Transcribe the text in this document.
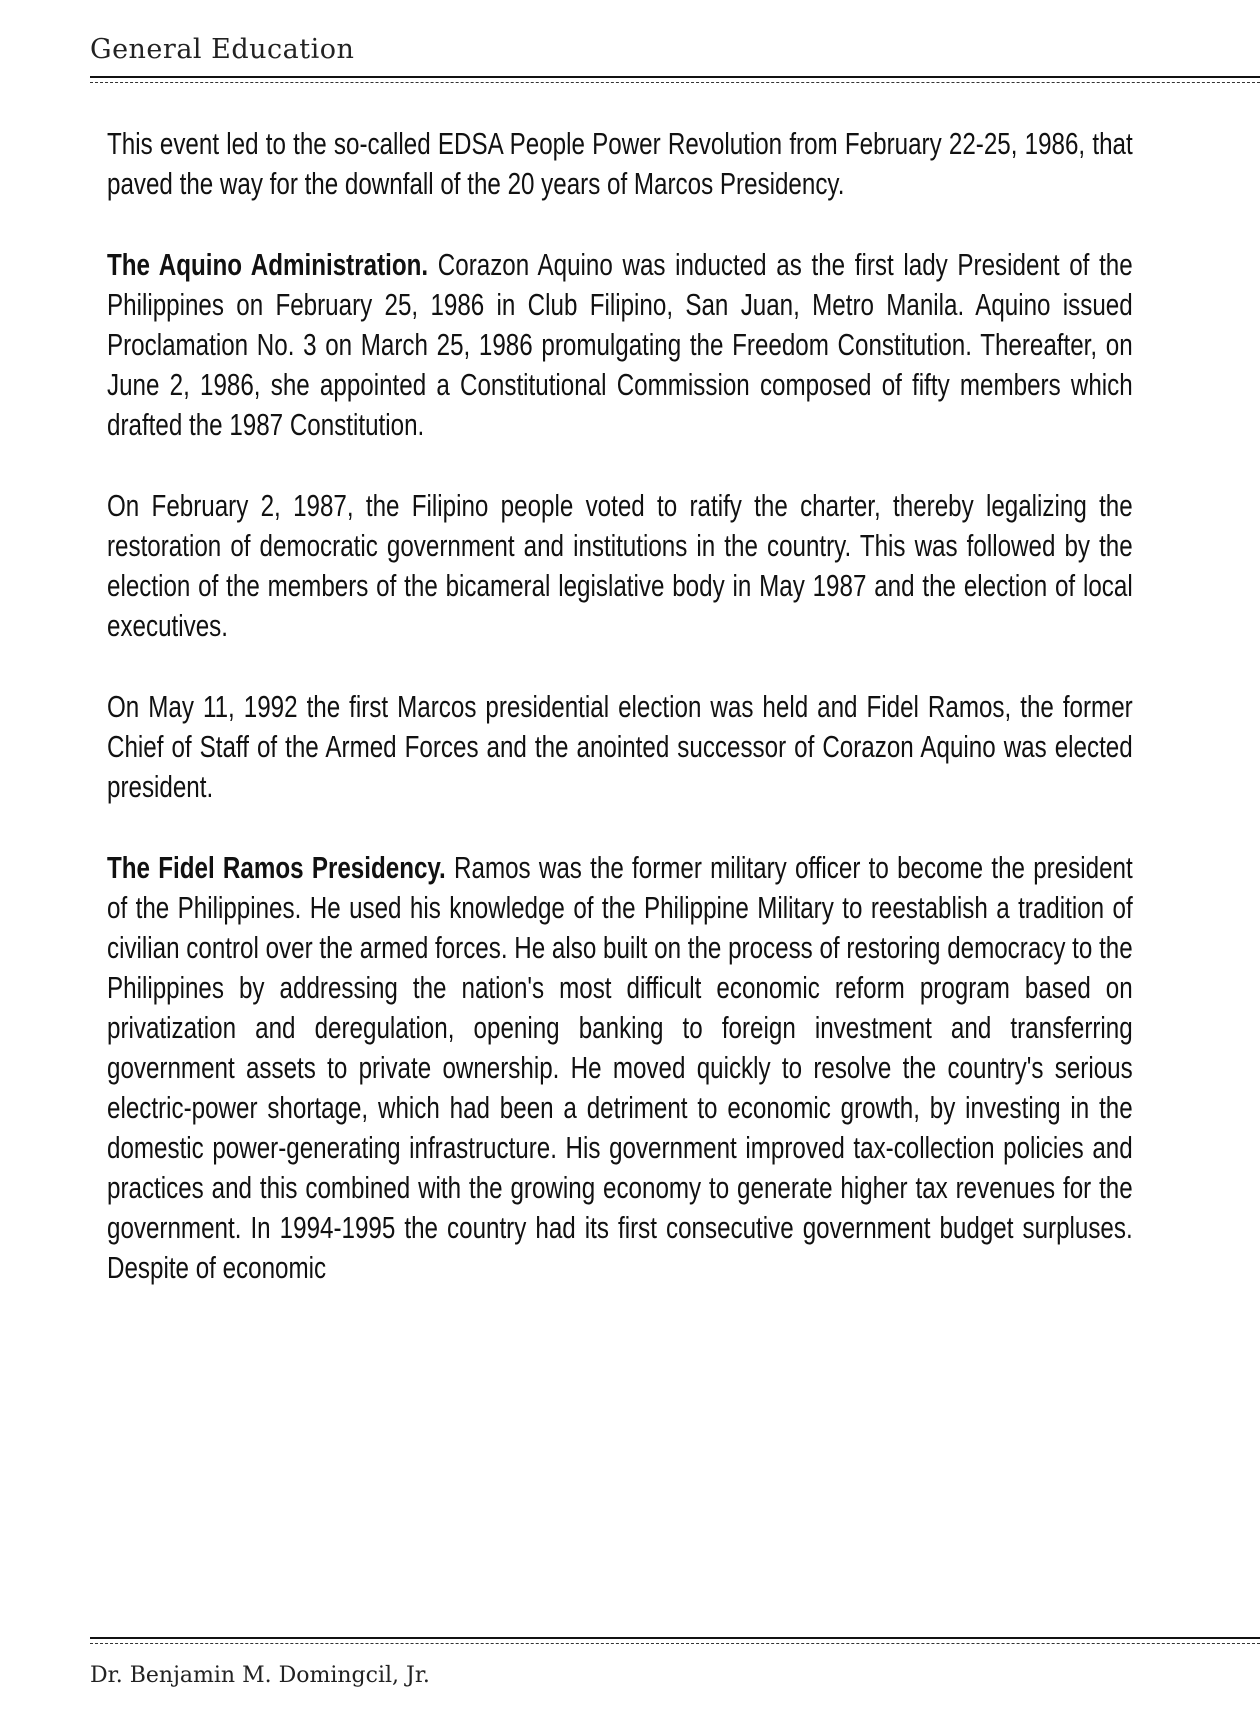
General Education

This event led to the so-called EDSA People Power Revolution from February 22-25, 1986, that paved the way for the downfall of the 20 years of Marcos Presidency.

The Aquino Administration. Corazon Aquino was inducted as the first lady President of the Philippines on February 25, 1986 in Club Filipino, San Juan, Metro Manila. Aquino issued Proclamation No. 3 on March 25, 1986 promulgating the Freedom Constitution. Thereafter, on June 2, 1986, she appointed a Constitutional Commission composed of fifty members which drafted the 1987 Constitution.

On February 2, 1987, the Filipino people voted to ratify the charter, thereby legalizing the restoration of democratic government and institutions in the country. This was followed by the election of the members of the bicameral legislative body in May 1987 and the election of local executives.

On May 11, 1992 the first Marcos presidential election was held and Fidel Ramos, the former Chief of Staff of the Armed Forces and the anointed successor of Corazon Aquino was elected president.

The Fidel Ramos Presidency. Ramos was the former military officer to become the president of the Philippines. He used his knowledge of the Philippine Military to reestablish a tradition of civilian control over the armed forces. He also built on the process of restoring democracy to the Philippines by addressing the nation's most difficult economic reform program based on privatization and deregulation, opening banking to foreign investment and transferring government assets to private ownership. He moved quickly to resolve the country's serious electric-power shortage, which had been a detriment to economic growth, by investing in the domestic power-generating infrastructure. His government improved tax-collection policies and practices and this combined with the growing economy to generate higher tax revenues for the government. In 1994-1995 the country had its first consecutive government budget surpluses. Despite of economic

Dr. Benjamin M. Domingcil, Jr.
